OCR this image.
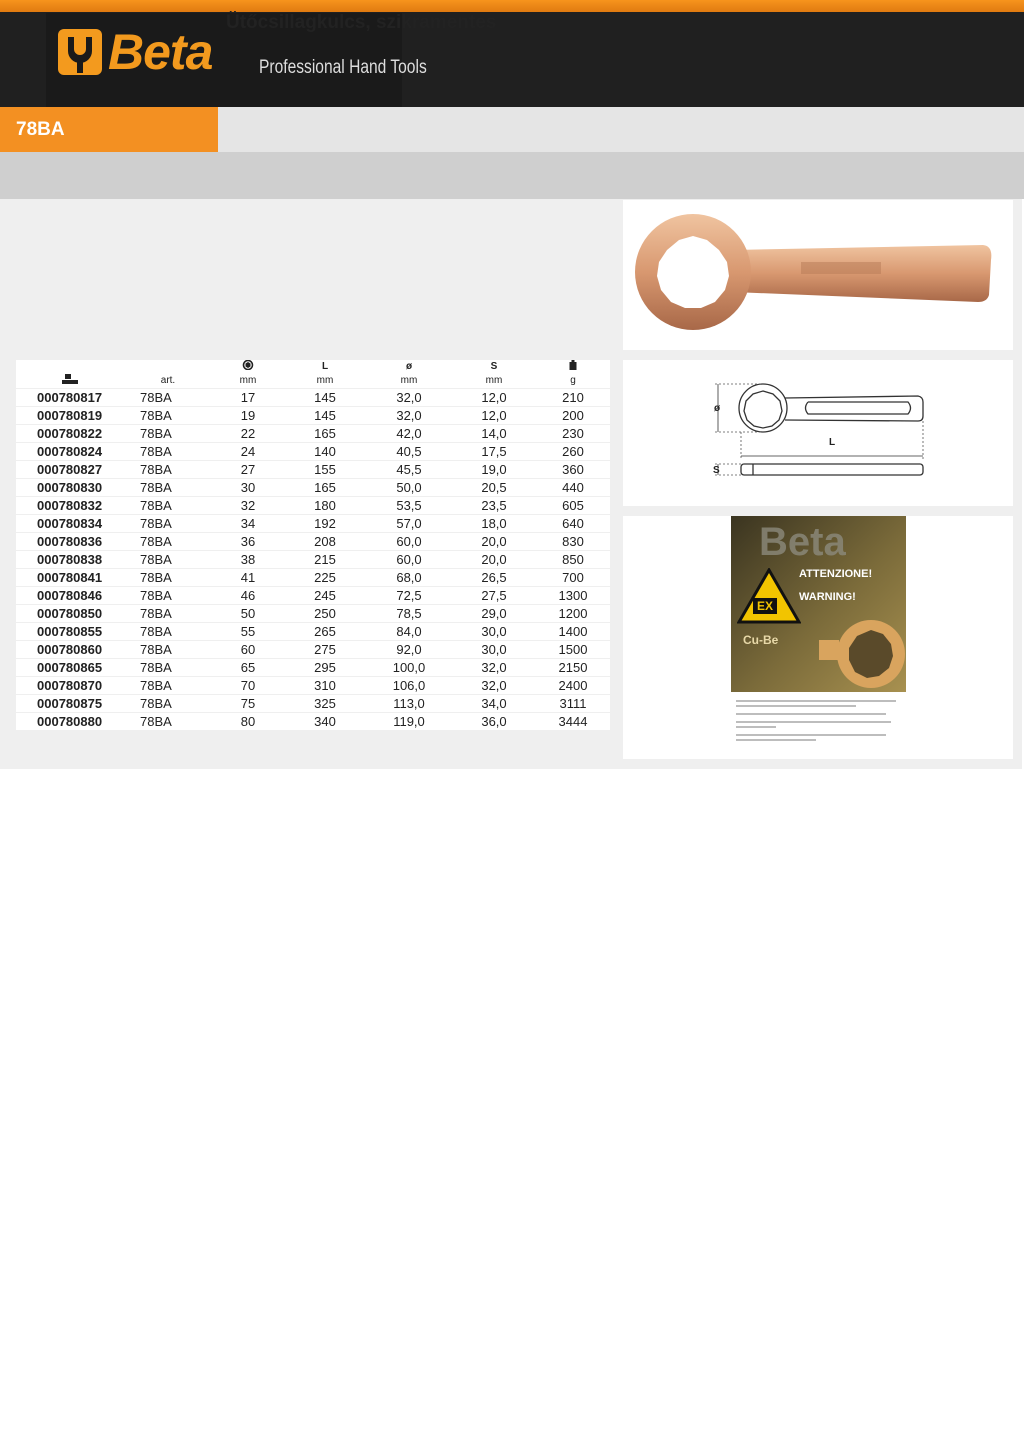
Beta Professional Hand Tools
78BA
Ütőcsillagkulcs, szikramentes
ø
L
S
Beta
EX
ATTENZIONE!
WARNING!
Cu-Be
			L	ø	S	
	art.	mm	mm	mm	mm	g
000780817	78BA	17	145	32,0	12,0	210
000780819	78BA	19	145	32,0	12,0	200
000780822	78BA	22	165	42,0	14,0	230
000780824	78BA	24	140	40,5	17,5	260
000780827	78BA	27	155	45,5	19,0	360
000780830	78BA	30	165	50,0	20,5	440
000780832	78BA	32	180	53,5	23,5	605
000780834	78BA	34	192	57,0	18,0	640
000780836	78BA	36	208	60,0	20,0	830
000780838	78BA	38	215	60,0	20,0	850
000780841	78BA	41	225	68,0	26,5	700
000780846	78BA	46	245	72,5	27,5	1300
000780850	78BA	50	250	78,5	29,0	1200
000780855	78BA	55	265	84,0	30,0	1400
000780860	78BA	60	275	92,0	30,0	1500
000780865	78BA	65	295	100,0	32,0	2150
000780870	78BA	70	310	106,0	32,0	2400
000780875	78BA	75	325	113,0	34,0	3111
000780880	78BA	80	340	119,0	36,0	3444
